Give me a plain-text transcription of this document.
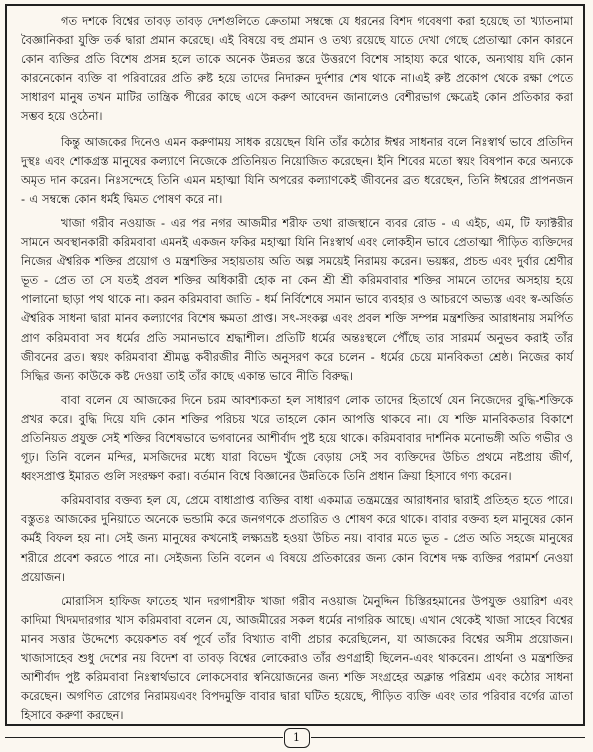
গত দশকে বিশ্বের তাবড় তাবড় দেশগুলিতে ক্রেতামা সম্বন্ধে যে ধরনের বিশদ গবেষণা করা হয়েছে তা খ্যাতনামা বৈজ্ঞানিকরা যুক্তি তর্ক দ্বারা প্রমান করেছে। এই বিষয়ে বহু প্রমান ও তথ্য রয়েছে যাতে দেখা গেছে প্রেতাত্মা কোন কারনে কোন ব্যক্তির প্রতি বিশেষ প্রসন্ন হলে তাকে অনেক উন্নতর স্তরে উত্তরণে বিশেষ সাহায্য করে থাকে, অন্যথায় যদি কোন কারনেকোন ব্যক্তি বা পরিবারের প্রতি রুষ্ট হয়ে তাদের নিদারুন দুর্দশার শেষ থাকে না।এই রুষ্ট প্রকোপ থেকে রক্ষা পেতে সাধারণ মানুষ তখন মাটির তান্ত্রিক পীরের কাছে এসে করুণ আবেদন জানালেও বেশীরভাগ ক্ষেত্রেই কোন প্রতিকার করা সম্ভব হয়ে ওঠেনা।

কিন্তু আজকের দিনেও এমন করুণাময় সাধক রয়েছেন যিনি তাঁর কঠোর ঈশ্বর সাধনার বলে নিঃস্বার্থ ভাবে প্রতিদিন দুস্থঃ এবং শোকগ্রস্ত মানুষের কল্যাণে নিজেকে প্রতিনিয়ত নিয়োজিত করেছেন। ইনি শিবের মতো স্বয়ং বিষপান করে অন্যকে অমৃত দান করেন। নিঃসন্দেহে তিনি এমন মহাত্মা যিনি অপরের কল্যাণকেই জীবনের ব্রত ধরেছেন, তিনি ঈশ্বরের প্রাপনজন - এ সম্বন্ধে কোন ধর্মই দ্বিমত পোষণ করে না।

খাজা গরীব নওয়াজ - এর পর নগর আজমীর শরীফ তথা রাজস্থানে ব্যবর রোড - এ এইচ, এম, টি ফ্যাক্টরীর সামনে অবস্থানকারী করিমবাবা এমনই একজন ফকির মহাত্মা যিনি নিঃস্বার্থ এবং লোকহীন ভাবে প্রেতাত্মা পীড়িত ব্যক্তিদের নিজের ঐশ্বরিক শক্তির প্রয়োগ ও মন্ত্রশক্তির সহায়তায় অতি অল্প সময়েই নিরাময় করেন। ভয়ঙ্কর, প্রচন্ড এবং দুর্বার শ্রেণীর ভূত - প্রেত তা সে যতই প্রবল শক্তির অধিকারী হোক না কেন শ্রী শ্রী করিমবাবার শক্তির সামনে তাদের অসহায় হয়ে পালানো ছাড়া পথ থাকে না। করন করিমবাবা জাতি - ধর্ম নির্বিশেষে সমান ভাবে ব্যবহার ও আচরণে অভ্যস্ত এবং স্ব-অর্জিত ঐশ্বরিক সাধনা দ্বারা মানব কল্যাণের বিশেষ ক্ষমতা প্রাপ্ত। সৎ-সংকল্প এবং প্রবল শক্তি সম্পন্ন মন্ত্রশক্তির আরাধনায় সমর্পিত প্রাণ করিমবাবা সব ধর্মের প্রতি সমানভাবে শ্রদ্ধাশীল। প্রতিটি ধর্মের অন্তঃস্থলে পৌঁছে তার সারমর্ম অনুভব করাই তাঁর জীবনের ব্রত। স্বয়ং করিমবাবা শ্রীমদ্ভ কবীরজীর নীতি অনুসরণ করে চলেন - ধর্মের চেয়ে মানবিকতা শ্রেষ্ঠ। নিজের কার্য সিদ্ধির জন্য কাউকে কষ্ট দেওয়া তাই তাঁর কাছে একান্ত ভাবে নীতি বিরুদ্ধ।

বাবা বলেন যে আজকের দিনে চরম আবশ্যকতা হল সাধারণ লোক তাদের হিতার্থে যেন নিজেদের বুদ্ধি-শক্তিকে প্রখর করে। বুদ্ধি দিয়ে যদি কোন শক্তির পরিচয় খরে তাহলে কোন আপত্তি থাকবে না। যে শক্তি মানবিকতার বিকাশে প্রতিনিয়ত প্রযুক্ত সেই শক্তির বিশেষভাবে ভগবানের আশীর্বাদ পুষ্ট হয়ে থাকে। করিমবাবার দার্শনিক মনোভঙ্গী অতি গভীর ও গূঢ়। তিনি বলেন মন্দির, মসজিদের মধ্যে যারা বিভেদ খুঁজে বেড়ায় সেই সব ব্যক্তিদের উচিত প্রথমে নষ্টপ্রায় জীর্ণ, ধ্বংসপ্রাপ্ত ইমারত গুলি সংরক্ষণ করা। বর্তমান বিশ্বে বিজ্ঞানের উন্নতিকে তিনি প্রধান ক্রিয়া হিসাবে গণ্য করেন।

করিমবাবার বক্তব্য হল যে, প্রেমে বাধাপ্রাপ্ত ব্যক্তির বাধা একমাত্র তন্ত্রমন্ত্রের আরাধনার দ্বারাই প্রতিহত হতে পারে। বস্তুতঃ আজকের দুনিয়াতে অনেকে ভন্ডামি করে জনগণকে প্রতারিত ও শোষণ করে থাকে। বাবার বক্তব্য হল মানুষের কোন কর্মই বিফল হয় না। সেই জন্য মানুষের কখনোই লক্ষ্যভ্রষ্ট হওয়া উচিত নয়। বাবার মতে ভূত - প্রেত অতি সহজে মানুষের শরীরে প্রবেশ করতে পারে না। সেইজন্য তিনি বলেন এ বিষয়ে প্রতিকারের জন্য কোন বিশেষ দক্ষ ব্যক্তির পরামর্শ নেওয়া প্রয়োজন।

মোরাসিস হাফিজ ফাতেহ খান দরগাশরীফ খাজা গরীব নওয়াজ মৈনুদ্দিন চিস্তিরহমানের উপযুক্ত ওয়ারিশ এবং কাদিমা খিদমদারগার খাস করিমবাবা বলেন যে, আজমীরের সকল ধর্মের নাগরিক আছে। এখান থেকেই খাজা সাহেব বিশ্বের মানব সত্তার উদ্দেশ্যে কয়েকশত বর্ষ পূর্বে তাঁর বিখ্যাত বাণী প্রচার করেছিলেন, যা আজকের বিশ্বের অসীম প্রয়োজন। খাজাসাহেব শুধু দেশের নয় বিদেশ বা তাবড় বিশ্বের লোকেরাও তাঁর গুণগ্রাহী ছিলেন-এবং থাকবেন। প্রার্থনা ও মন্ত্রশক্তির আশীর্বাদ পুষ্ট করিমবাবা নিঃস্বার্থভাবে লোকসেবার স্বনিয়োজনের জন্য শক্তি সংগ্রহের অক্লান্ত পরিশ্রম এবং কঠোর সাধনা করেছেন। অগণিত রোগের নিরাময়এবং বিপদমুক্তি বাবার দ্বারা ঘটিত হয়েছে, পীড়িত ব্যক্তি এবং তার পরিবার বর্গের ত্রাতা হিসাবে করুণা করছেন।

1
